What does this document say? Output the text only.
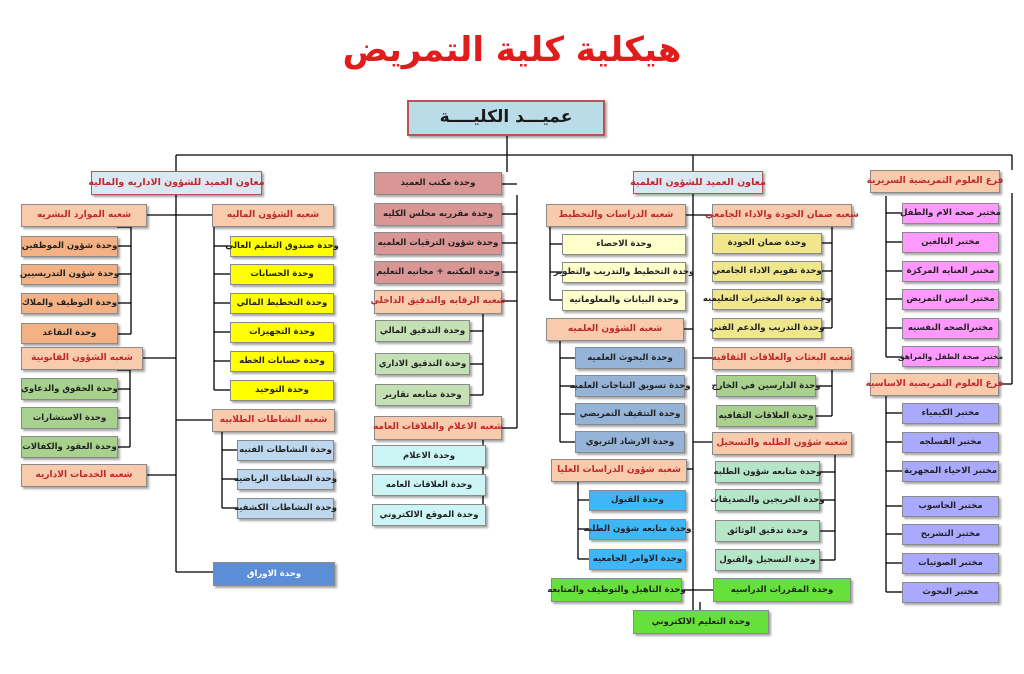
هيكلية كلية التمريض
عميـــد الكليــــة
معاون العميد للشؤون الاداريه والماليه
شعبه الموارد البشريه
وحدة شؤون الموظفين
وحدة شؤون التدريسيين
وحدة التوظيف والملاك
وحدة التقاعد
شعبه الشؤون القانونية
وحدة الحقوق والدعاوي
وحدة الاستشارات
وحدة العقود والكفالات
شعبه الخدمات الاداريه
شعبه الشؤون الماليه
وحدة صندوق التعليم العالي
وحدة الحسابات
وحدة التخطيط المالي
وحدة التجهيزات
وحدة حسابات الخطه
وحدة التوحيد
شعبه النشاطات الطلابيه
وحدة النشاطات الفنيه
وحدة النشاطات الرياضيه
وحدة النشاطات الكشفيه
وحدة الاوراق
وحدة مكتب العميد
وحدة مقرريه مجلس الكليه
وحدة شؤون الترقيات العلميه
وحدة المكتبه + مجانيه التعليم
شعبه الرقابه والتدقيق الداخلي
وحدة التدقيق المالي
وحدة التدقيق الاداري
وحدة متابعه تقارير
شعبه الاعلام والعلاقات العامه
وحدة الاعلام
وحدة العلاقات العامه
وحدة الموقع الالكتروني
معاون العميد للشؤون العلمية
شعبه الدراسات والتخطيط
وحدة الاحصاء
وحدة التخطيط والتدريب والتطوير
وحدة البيانات والمعلوماتيه
شعبه الشؤون العلميه
وحدة البحوث العلميه
وحدة تسويق النتاجات العلميه
وحدة التثقيف التمريضي
وحدة الارشاد التربوي
شعبه شؤون الدراسات العليا
وحدة القبول
وحدة متابعه شؤون الطلبه
وحدة الاوامر الجامعيه
وحدة التاهيل والتوظيف والمتابعه
شعبه ضمان الجودة والاداء الجامعي
وحدة ضمان الجودة
وحدة تقويم الاداء الجامعي
وحدة جودة المختبرات التعليميه
وحدة التدريب والدعم الفني
شعبه البعثات والعلاقات الثقافيه
وحدة الدارسين في الخارج
وحدة العلاقات الثقافيه
شعبه شؤون الطلبه والتسجيل
وحدة متابعه شؤون الطلبه
وحدة الخريجين والتصديقات
وحدة تدقيق الوثائق
وحدة التسجيل والقبول
وحدة المقررات الدراسيه
وحدة التعليم الالكتروني
فرع العلوم التمريضية السريرية
مختبر صحه الام والطفل
مختبر البالغين
مختبر العنايه المركزة
مختبر اسس التمريض
مختبرالصحه النفسيه
مختبر صحة الطفل والمراهق
فرع العلوم التمريضية الاساسية
مختبر الكيمياء
مختبر الفسلجه
مختبر الاحياء المجهرية
مختبر الحاسوب
مختبر التشريح
مختبر الصوتيات
مختبر البحوث
